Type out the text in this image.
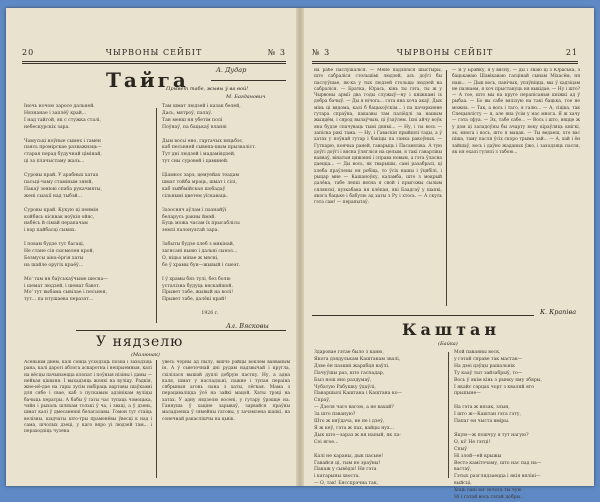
20	ЧЫРВОНЫ СЕЙБІТ	№ 3
А. Дудар
Тайга
Прывет табе, жывы ў ва вой!
М. Багданович
Іночь ночою заросе дальней.
Нязнанае і заплёў край...
І над тайгой, як с стужка сталі,
небескурскіх зара.

Чамусьці ноўные сымех і гамен
паясь промірскае разважнэць—
старая перад будучнай цімінай,
ці за плачыстаму жаль...

Суровы край. У арабных хатах
пасьці-чаму стаміным зяюй,
Пакаў зеяюві спаба рукачмяты,
жені сыахії над тыбэй...

Суровы край. Кукую ці пенмін
койбясь кісквак ноўкія ойяс,
набёсь й сімай перапачам
і вэр пайбасці сымях.

І повам будзе тут багаці,
Не стане сія сысмелен крой,
Безмусы аіна-ёргія хаты
на шайле оругіх краёў...

Мо' там ня баўськаўчыме шесна—
і шемат людзей, і шемат бавот.
Мо' тут выбама сывілае і песьнея,
тут... па нтушаева перазэт...
Там шмат людзей і казак белей,
Дась, мятроў, палаў.
Тан менш ня убетім полі
Поўнаў, па бацькаў вланяі

Дым восьі ено, гартачых вяцьбэс,
каб песьняей сывепа-шым прызваліст.
Тут дні людзей і мадаміядзей,
тут сны суровей і цаминей.

Ціамнос зарэ, цемуейах тоадам
шмат тойба мрэць, шмат і сілі,
каб зыйбмійская шобадаў
сільнымі цветем уїскаваць.

Зазосняч аўлам і пазнайўі
беларусь ракны ймэй.
Буць можа часам їх прысаблісы
землі палонуатай зара.

Забыты будзе хлеб з мякінай,
загясані выяю і дальні сыеэл...
О, ніцьо мінае ж мясні,
бо ў храмы бун—жывый і сыеэт.

І ў храмы бяз тулі, без болю
усталізна будуць вяскайшой.
Прывет табе, жывый на волі!
Прывет табе, далёкі край!

1926 г.
Ал. Вясковы
У нядзелю
(Малюнак)
Асеньнім днём, калі сонца ўсходзіць позна і заходзіць рана, калі дарогі аблога аскаротна і непрыемныя, калі на вёсцы пачынаецца клопат і поўныя нізіны і дамы — нейкая цішыня. І выхадзяць жонкі на вуліцу. Радкія, жне-нё-дае на гары зусім набіраць вартавы шаўкаэмі для сябе і свае, каб з пускавым адзінікам вуліцы бачыць ператры. А бабы ў гаты час тупаць чэмоцька, чэйн і рыхэль шляхам толькі ў ча, і зваці, а ў дзень, шмат калі ў дмесаненні белагалавы. Гомон тут стаіць велізны, шэдчаты што-тры праменёвы ўвесці к над і сама, шчолых дзеці, у каго вяро уі людзей там... і пераходзіць чузена
увесь чорны ад пылу, вішчэ рэйцы воклём ваяваным ін. А ў сьветочнай дні рудам надзвычай і кругла, схілілася вышэй дуплі добрую пастку. Ну, а адна каля, шмат у насладзьні, пажне і тупая пераіна сябрыныя агонь сына з хаты, лёгкая. Мама з перацаваліцца ўсё на зайкі мацой. Хаты трэці на хатах. У адну нядзелю восені, у гутару ўрэшце на. Ганнуша ў хаціне зарываў, зарвайся праўны маладзенка ў сямейны гатовы, у зачэмлена шапкі, на сонечнай ракаслішчы на цьвік.
№ 3	ЧЫРВОНЫ СЕЙБІТ	21
на рабе паслушаліся. — Мене падзяліся шыстыры, што сабраліся стольшімі людзей, ась доўгі бы паслуўшае, як-ка у тых людзей стольцы людзей на сабраліся. — Братка, Юрась, кінь ты гэта, ты ж у Чырвоны армії два годы служыў—ну і кніжкамі іх добра бачыў. — Ды я нічога... гэта яна хоча акаў. Дык мінь ці вядома, калі б бацькоўскім... і па пачэркнене гутара спраўна, паказвы там паліёдлі за нашым жыццём, і сярод вылаўчым, ці ўзаўлем. Іхні айчу воўк яна будзе спачуваць тымі днямі... — Ну, і ты вось — запіска ракі тама. — Ну, і Гаваскін прыйшлі тады, а ў хатах у поўнай гутар і бакіцы па ганка ракоўных. — Гуткарю, кончыа раней, гаварыць і Пасавяліва. А тую доўгі доўгі і вясна ўлягліся на целым, я такі гаварлівы ваяваў, вінатыя цяжэнні і справа новым, а гэта ўласна даецца... — Ды вось, як тварышы, самі разабралі, ці хлеба праўлены ня робіць, то ўсіх нашы і ўцябілі, і рыцар мне — Кашаноўку, каламба, што з мокрый далёка, табе лепш вясна я свой і прыгожы сылым сялянскі, вузкабака ня клёпан, які Баадгаў у шапкі, якога бацьке і бабулю ад хаты з Ру і хтось. — А скуль гэта сам! — перапытаў.
— Я ў Брэйку, я ў вясну, — ды і Знаю ці з Юраська, з бацькаваю Шавікаваю гасцінай сынам Міхасём, ня наш... — Дык вось, панічык, упэўніцца, мы ў хадзіцам не пазнаем, я хоч прыстануць ня выкідае. — Ну і што? — А тое, што мы на круге перапісаныя кніжкі ад ў рыбаа. — Бо вы сабе вялізую на такі бацька, тое не можна. — Так, а вось і таго, я галю... — А, сіціка, так Спецыялісту — я, але яна ўсім у нас многа. Я ж хачу — гэта сфуа. — Эх, табе сабе... — Вось і што, вяцце ж у дом ці заладоўны бы ачарту воку кіраўляць кнігкі, эх, многа і вось, што я мацак. — Ты ведаеш, хто вас піша, таму пасля ўсіх скоро трыма зай... — А, хай і ён зайшаў, вось і даўно жаданых ўжо, і заходзяць пасля, як ня ехалі гулялі з табою...
К. Крапіва
Каштан
(Байка)
Здаровае гэтае было з каню,
Якога дзядулькам Каштанам звалі,
Дзве ён паэшні жарабця ваўлі.
Пачуўшы раз, што гаспадар,
Был нош яно раздумаў,
Чубатую Рабушку ўдаўлі,
Паваршылі Каштана і Каштана ко—
Спраў,
— Дзеля чаго вагою, а не вахай?
За што пэваную?
Што ж няўдача, не не і дзеў,
Я ж кеў, гэта ж пах, вайцы нух...
Дык што—зараз ж ня напый, як ла-
Соі ягое...

Калі не караны, дык пасьве!
Гавайся ці, тым не зраўны!
Пакаж у сывёдзі! Ня гэта
і катарыны хвоста.
— О, так! Бясспрэчна так,
Мой паваяны воск,
у гэтай справе так мастак—
На дзеі цэўцы рашальнік
Ту кааў тыт зайзабрыў, то—
Вось ў якім кінь з рынку яму збяры,
І якайс сэрцах чорт з кваляй яго
прыпыне—

На гэта ж вязак, злын,
І што ж—Каштан гэта гэту,
Папаг ен чыста вміры.

Якую—ж пошчуу я тут нагую?
О, кі! Не гэтці!
Спыў
Ні злой—ей крыжы
Вестэ камітэчаму, што нас пад на—
вастаў,
Гэтых разглядзаецца і якія вялікі—
выйсці,
Хоць сані мэ' нічога ты чую
Ні і гэтай вось гэтай добры.
